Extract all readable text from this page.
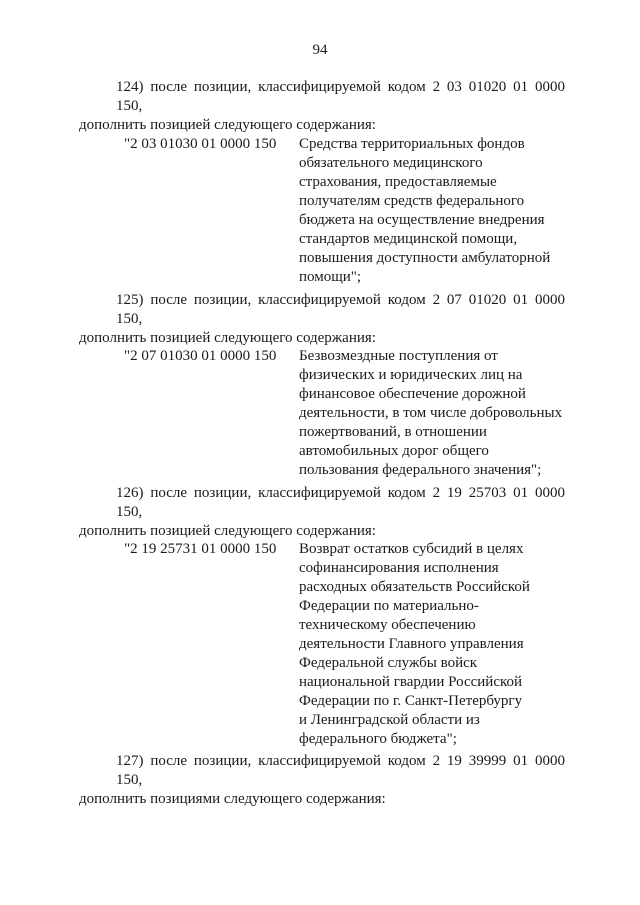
94
124) после позиции, классифицируемой кодом 2 03 01020 01 0000 150,
дополнить позицией следующего содержания:
"2 03 01030 01 0000 150 Средства территориальных фондов
обязательного медицинского
страхования, предоставляемые
получателям средств федерального
бюджета на осуществление внедрения
стандартов медицинской помощи,
повышения доступности амбулаторной
помощи";
125) после позиции, классифицируемой кодом 2 07 01020 01 0000 150,
дополнить позицией следующего содержания:
"2 07 01030 01 0000 150 Безвозмездные поступления от
физических и юридических лиц на
финансовое обеспечение дорожной
деятельности, в том числе добровольных
пожертвований, в отношении
автомобильных дорог общего
пользования федерального значения";
126) после позиции, классифицируемой кодом 2 19 25703 01 0000 150,
дополнить позицией следующего содержания:
"2 19 25731 01 0000 150 Возврат остатков субсидий в целях
софинансирования исполнения
расходных обязательств Российской
Федерации по материально-
техническому обеспечению
деятельности Главного управления
Федеральной службы войск
национальной гвардии Российской
Федерации по г. Санкт-Петербургу
и Ленинградской области из
федерального бюджета";
127) после позиции, классифицируемой кодом 2 19 39999 01 0000 150,
дополнить позициями следующего содержания:
